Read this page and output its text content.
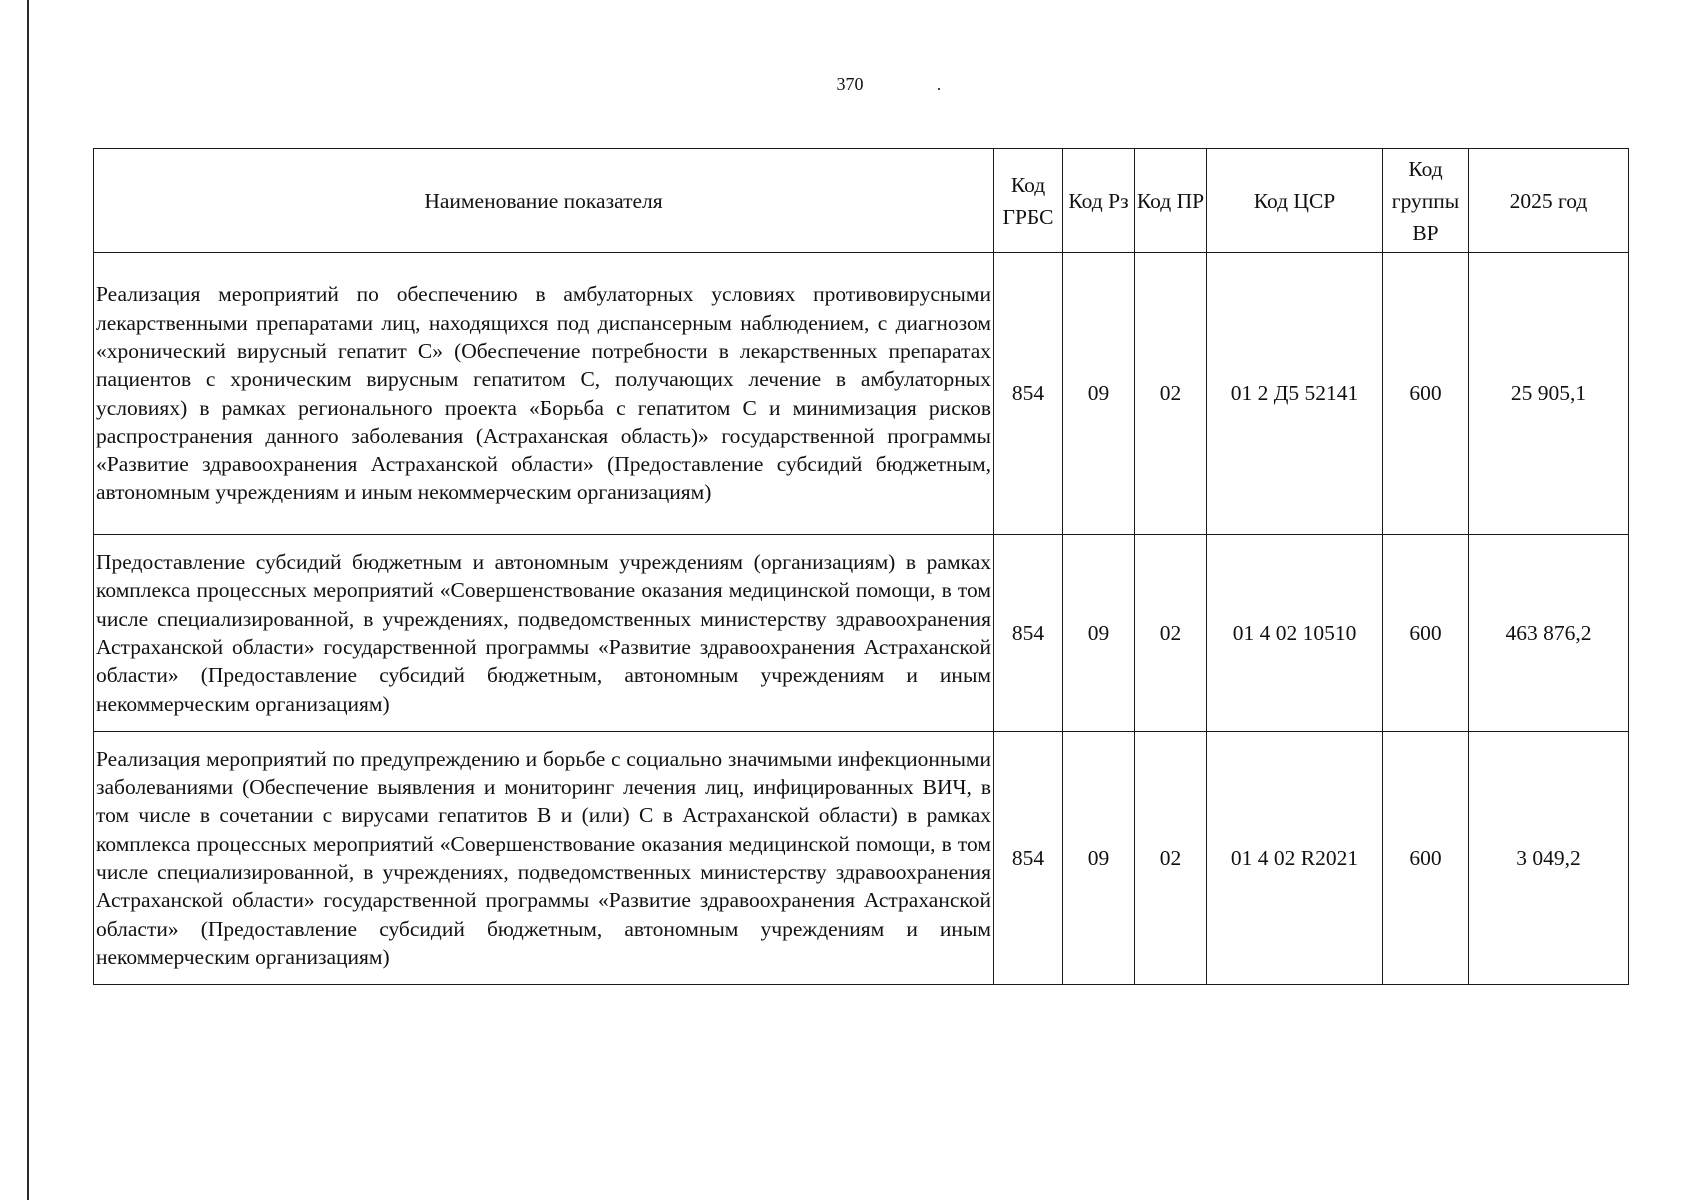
370
Наименование показателя	Код ГРБС	Код Рз	Код ПР	Код ЦСР	Код группы ВР	2025 год
Реализация мероприятий по обеспечению в амбулаторных условиях противовирусными лекарственными препаратами лиц, находящихся под диспансерным наблюдением, с диагнозом «хронический вирусный гепатит С» (Обеспечение потребности в лекарственных препаратах пациентов с хроническим вирусным гепатитом С, получающих лечение в амбулаторных условиях) в рамках регионального проекта «Борьба с гепатитом С и минимизация рисков распространения данного заболевания (Астраханская область)» государственной программы «Развитие здравоохранения Астраханской области» (Предоставление субсидий бюджетным, автономным учреждениям и иным некоммерческим организациям)	854	09	02	01 2 Д5 52141	600	25 905,1
Предоставление субсидий бюджетным и автономным учреждениям (организациям) в рамках комплекса процессных мероприятий «Совершенствование оказания медицинской помощи, в том числе специализированной, в учреждениях, подведомственных министерству здравоохранения Астраханской области» государственной программы «Развитие здравоохранения Астраханской области» (Предоставление субсидий бюджетным, автономным учреждениям и иным некоммерческим организациям)	854	09	02	01 4 02 10510	600	463 876,2
Реализация мероприятий по предупреждению и борьбе с социально значимыми инфекционными заболеваниями (Обеспечение выявления и мониторинг лечения лиц, инфицированных ВИЧ, в том числе в сочетании с вирусами гепатитов В и (или) С в Астраханской области) в рамках комплекса процессных мероприятий «Совершенствование оказания медицинской помощи, в том числе специализированной, в учреждениях, подведомственных министерству здравоохранения Астраханской области» государственной программы «Развитие здравоохранения Астраханской области» (Предоставление субсидий бюджетным, автономным учреждениям и иным некоммерческим организациям)	854	09	02	01 4 02 R2021	600	3 049,2
